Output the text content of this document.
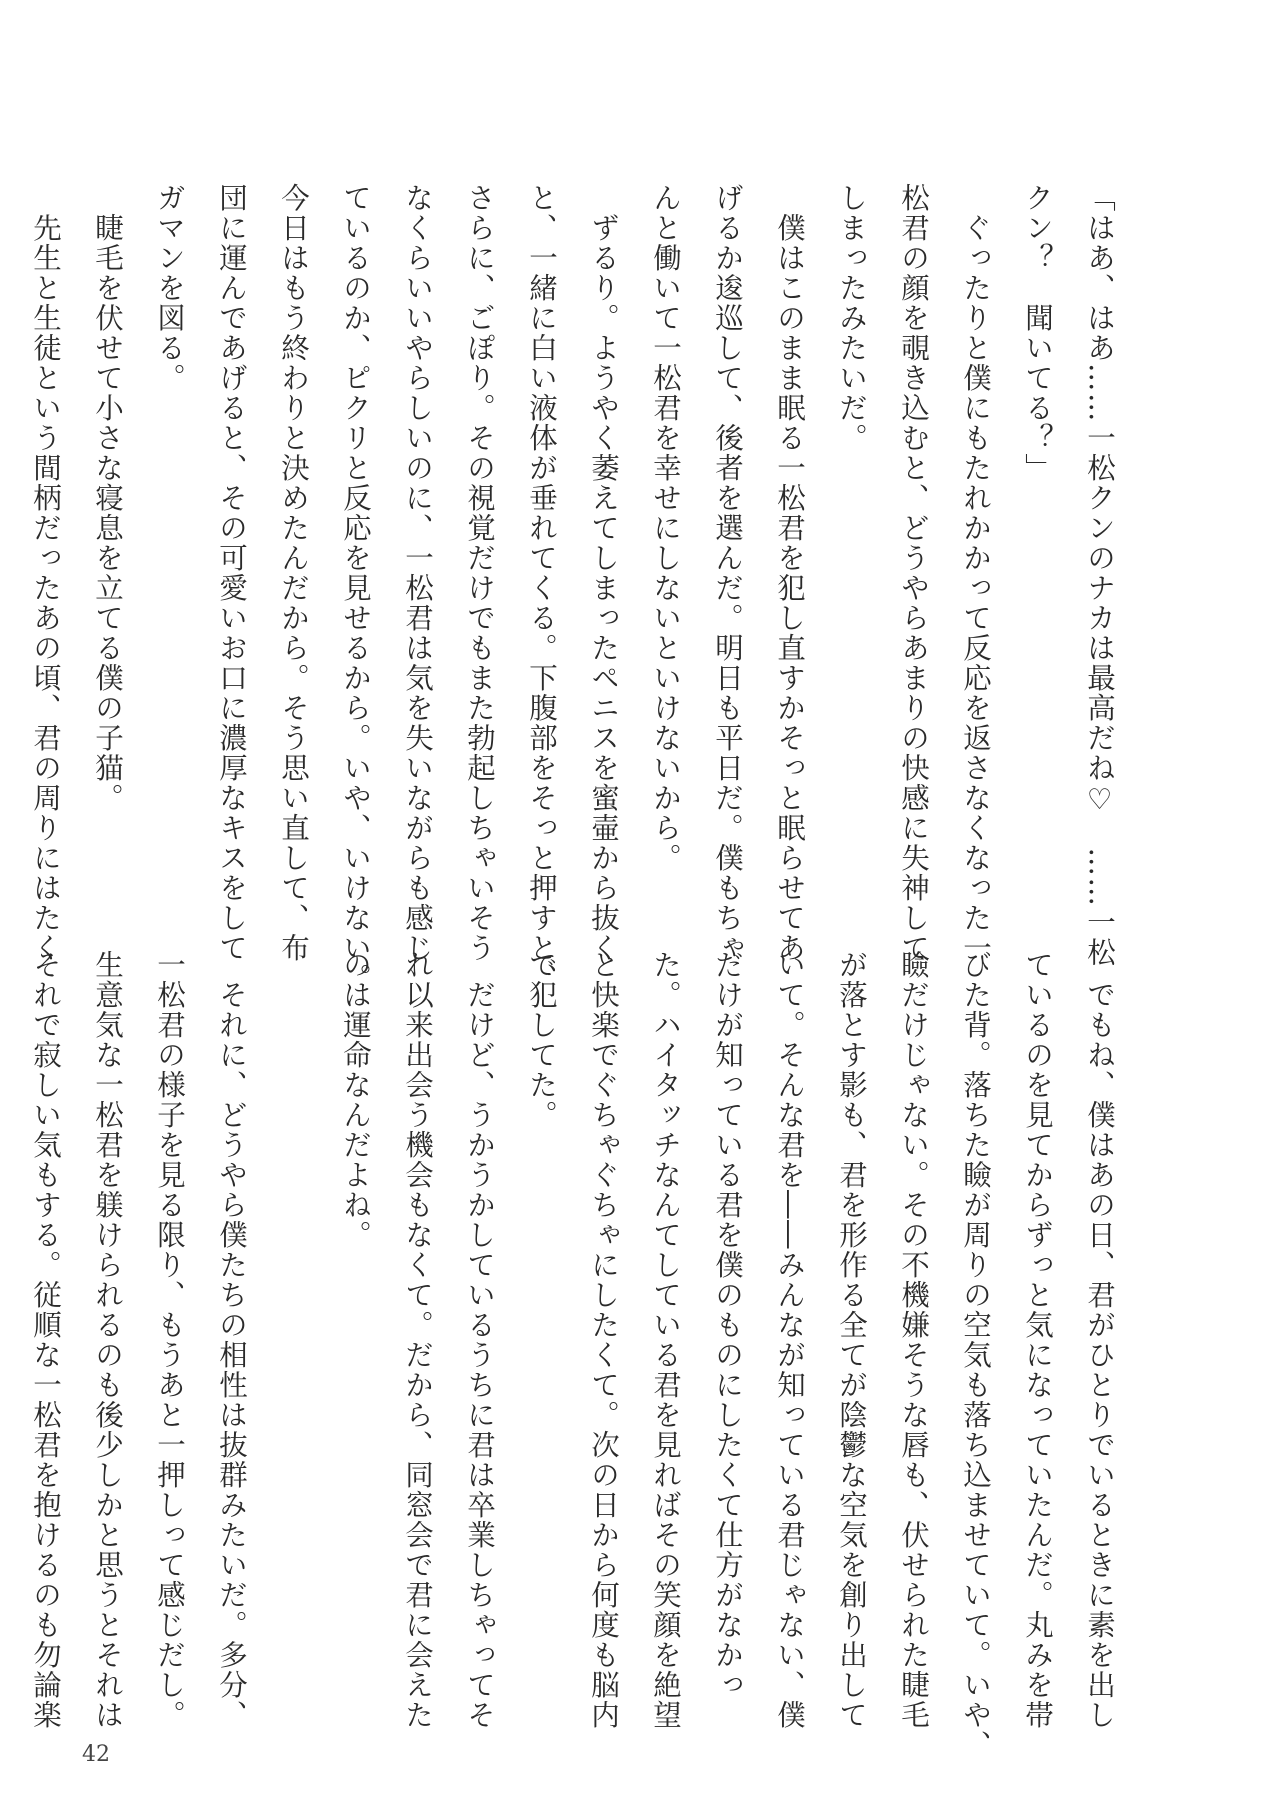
「はあ、はあ……一松クンのナカは最高だね♡　……一松
クン？　聞いてる？」
　ぐったりと僕にもたれかかって反応を返さなくなった一
松君の顔を覗き込むと、どうやらあまりの快感に失神して
しまったみたいだ。
　僕はこのまま眠る一松君を犯し直すかそっと眠らせてあ
げるか逡巡して、後者を選んだ。明日も平日だ。僕もちゃ
んと働いて一松君を幸せにしないといけないから。
　ずるり。ようやく萎えてしまったペニスを蜜壷から抜く
と、一緒に白い液体が垂れてくる。下腹部をそっと押すと、
さらに、ごぽり。その視覚だけでもまた勃起しちゃいそう
なくらいいやらしいのに、一松君は気を失いながらも感じ
ているのか、ピクリと反応を見せるから。いや、いけない。
今日はもう終わりと決めたんだから。そう思い直して、布
団に運んであげると、その可愛いお口に濃厚なキスをして
ガマンを図る。
　睫毛を伏せて小さな寝息を立てる僕の子猫。
　先生と生徒という間柄だったあの頃、君の周りにはたく
　でもね、僕はあの日、君がひとりでいるときに素を出し
ているのを見てからずっと気になっていたんだ。丸みを帯
びた背。落ちた瞼が周りの空気も落ち込ませていて。いや、
瞼だけじゃない。その不機嫌そうな唇も、伏せられた睫毛
が落とす影も、君を形作る全てが陰鬱な空気を創り出して
いて。そんな君を――みんなが知っている君じゃない、僕
だけが知っている君を僕のものにしたくて仕方がなかっ
た。ハイタッチなんてしている君を見ればその笑顔を絶望
と快楽でぐちゃぐちゃにしたくて。次の日から何度も脳内
で犯してた。
　だけど、うかうかしているうちに君は卒業しちゃってそ
れ以来出会う機会もなくて。だから、同窓会で君に会えた
のは運命なんだよね。

　それに、どうやら僕たちの相性は抜群みたいだ。多分、
一松君の様子を見る限り、もうあと一押しって感じだし。
生意気な一松君を躾けられるのも後少しかと思うとそれは
それで寂しい気もする。従順な一松君を抱けるのも勿論楽
42
